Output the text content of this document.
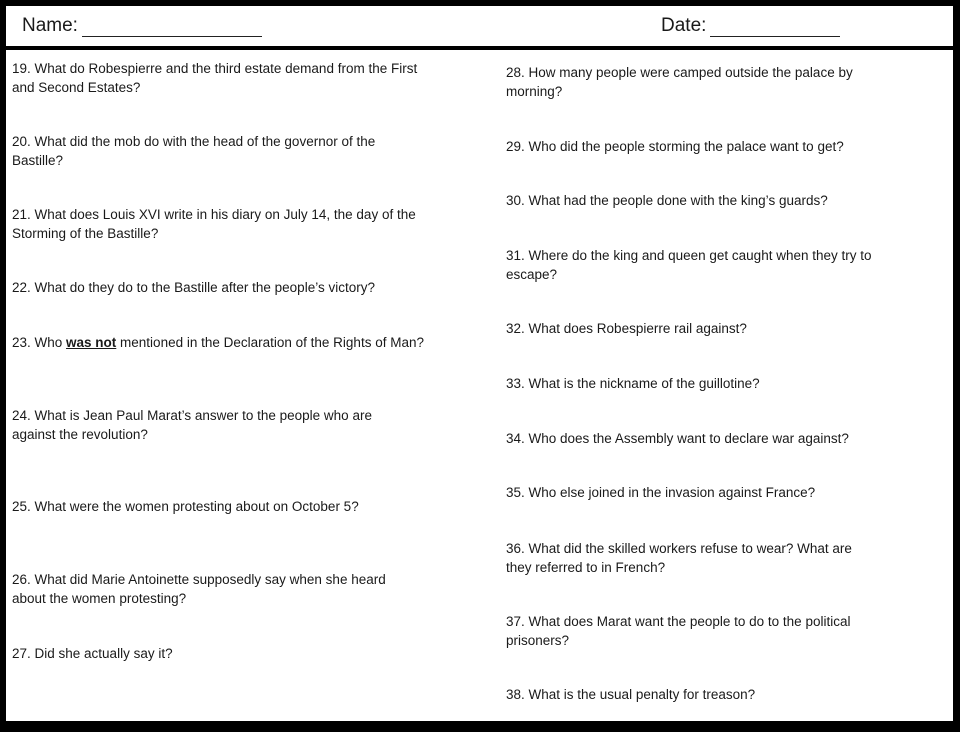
Name:	Date:
19. What do Robespierre and the third estate demand from the First
and Second Estates?
20. What did the mob do with the head of the governor of the
Bastille?
21. What does Louis XVI write in his diary on July 14, the day of the
Storming of the Bastille?
22. What do they do to the Bastille after the people’s victory?
23. Who was not mentioned in the Declaration of the Rights of Man?
24. What is Jean Paul Marat’s answer to the people who are
against the revolution?
25. What were the women protesting about on October 5?
26. What did Marie Antoinette supposedly say when she heard
about the women protesting?
27. Did she actually say it?
28. How many people were camped outside the palace by
morning?
29. Who did the people storming the palace want to get?
30. What had the people done with the king’s guards?
31. Where do the king and queen get caught when they try to
escape?
32. What does Robespierre rail against?
33. What is the nickname of the guillotine?
34. Who does the Assembly want to declare war against?
35. Who else joined in the invasion against France?
36. What did the skilled workers refuse to wear? What are
they referred to in French?
37. What does Marat want the people to do to the political
prisoners?
38. What is the usual penalty for treason?
